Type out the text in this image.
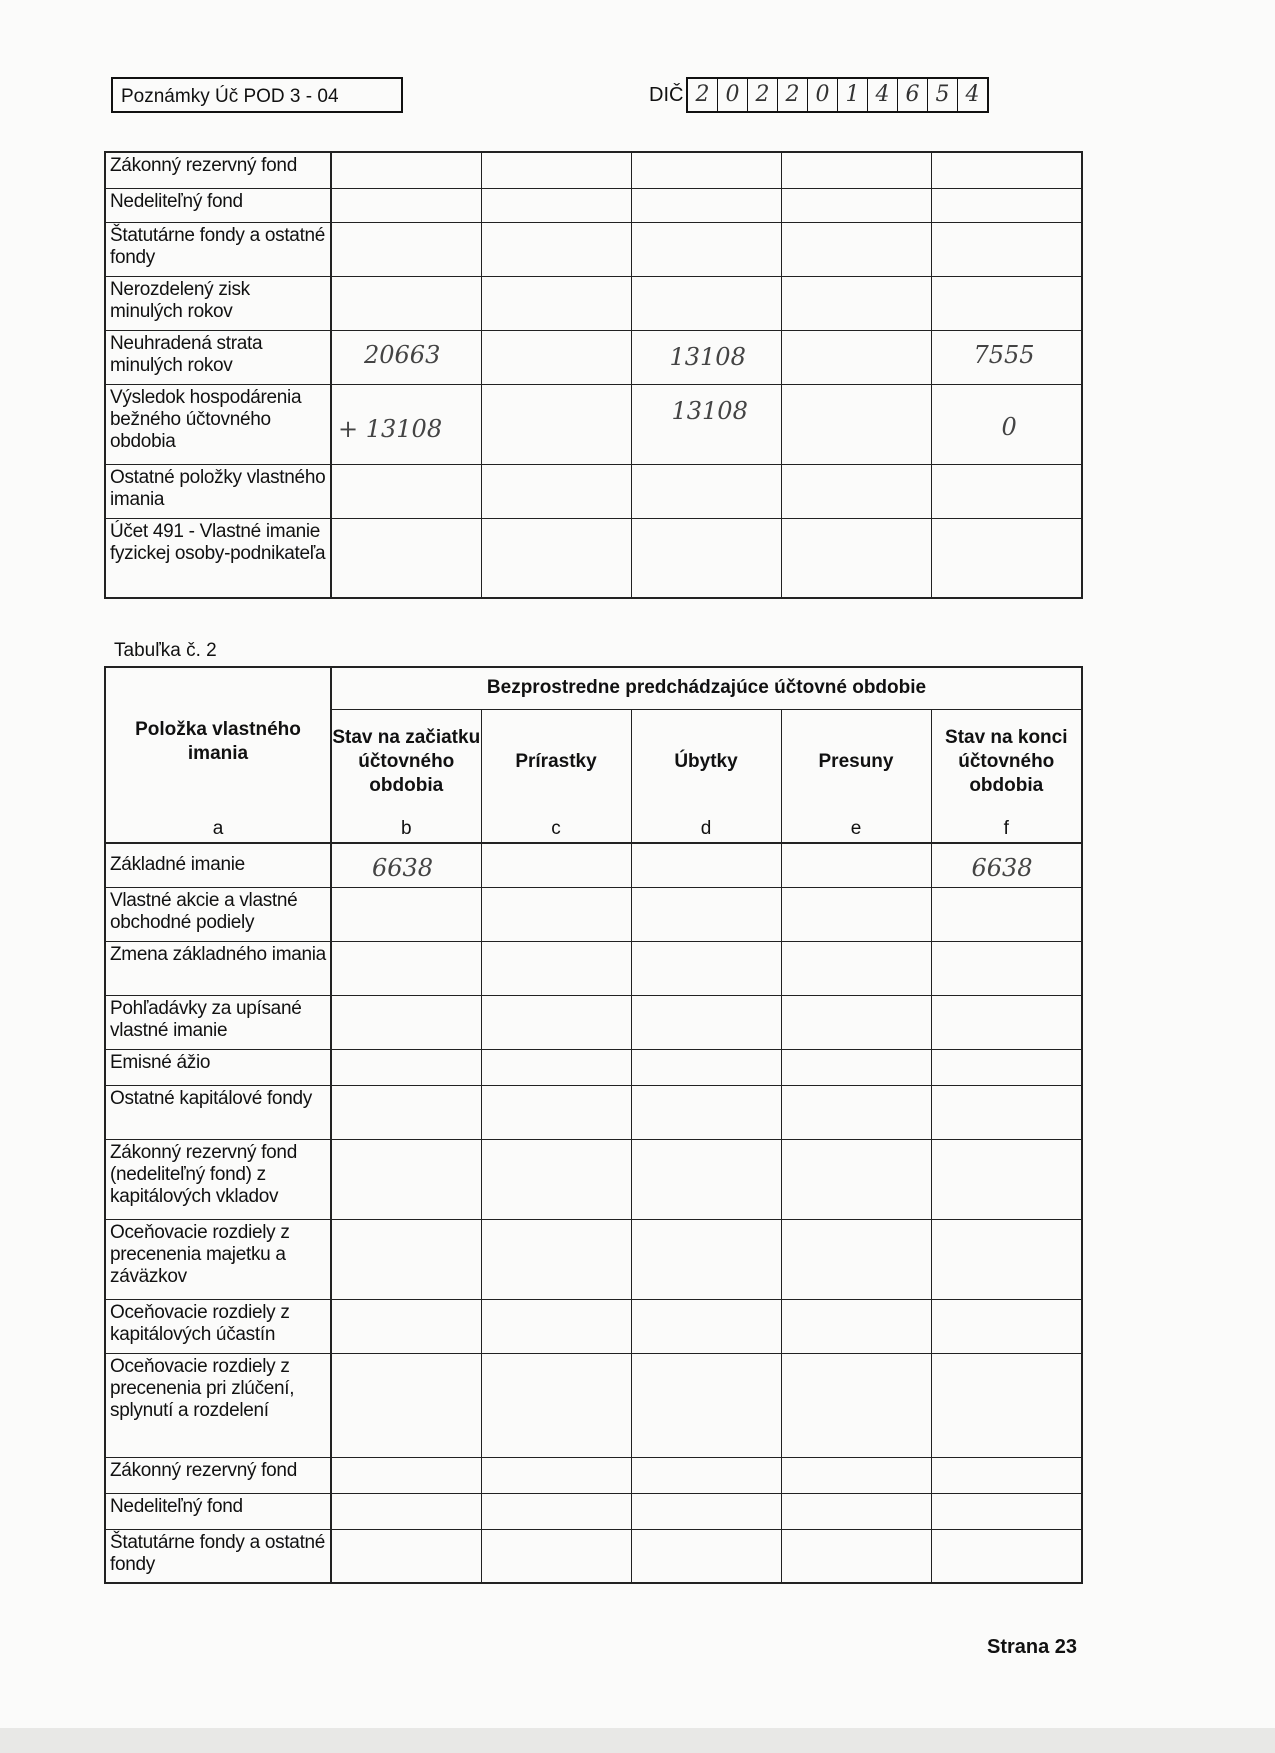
Poznámky Úč POD 3 - 04	DIČ 2 0 2 2 0 1 4 6 5 4
Zákonný rezervný fond					
Nedeliteľný fond					
Štatutárne fondy a ostatné fondy					
Nerozdelený zisk minulých rokov					
Neuhradená strata minulých rokov	20663		13108		7555

Výsledok hospodárenia bežného účtovného obdobia	+ 13108		13108		0

Ostatné položky vlastného imania					
Účet 491 - Vlastné imanie fyzickej osoby-podnikateľa					
Tabuľka č. 2
Položka vlastného imania	Bezprostredne predchádzajúce účtovné obdobie				
	Stav na začiatku účtovného obdobia	Prírastky	Úbytky	Presuny	Stav na konci účtovného obdobia
a	b	c	d	e	f
Základné imanie	6638				6638

Vlastné akcie a vlastné obchodné podiely					
Zmena základného imania					
Pohľadávky za upísané vlastné imanie					
Emisné ážio					
Ostatné kapitálové fondy					
Zákonný rezervný fond (nedeliteľný fond) z kapitálových vkladov					
Oceňovacie rozdiely z precenenia majetku a záväzkov					
Oceňovacie rozdiely z kapitálových účastín					
Oceňovacie rozdiely z precenenia pri zlúčení, splynutí a rozdelení					
Zákonný rezervný fond					
Nedeliteľný fond					
Štatutárne fondy a ostatné fondy					
Strana 23
